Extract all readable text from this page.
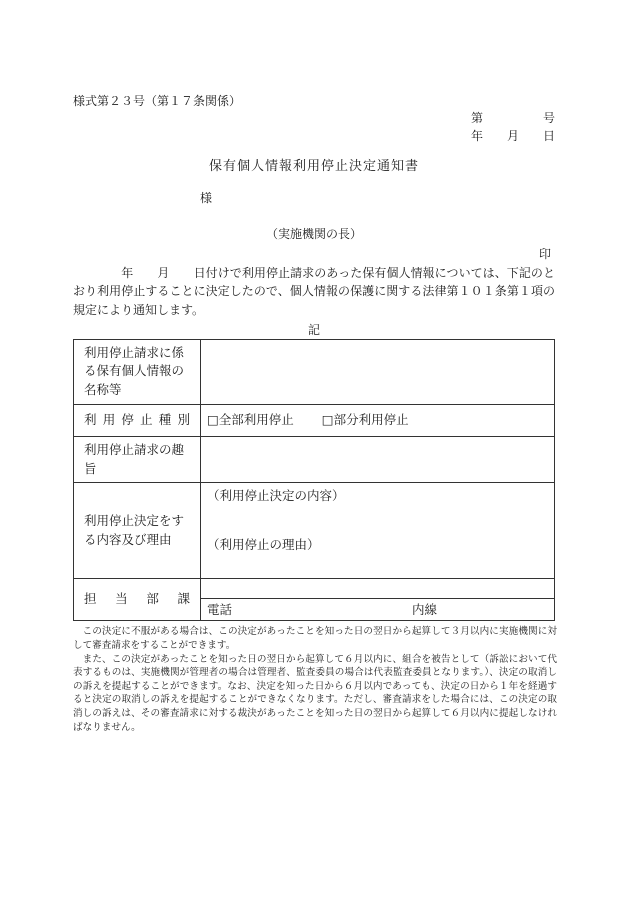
様式第２３号（第１７条関係）
第　　　　　号
年　　月　　日
保有個人情報利用停止決定通知書
様
（実施機関の長）
印
　　　　年　　月　　日付けで利用停止請求のあった保有個人情報については、下記のとおり利用停止することに決定したので、個人情報の保護に関する法律第１０１条第１項の規定により通知します。
記
利用停止請求に係る保有個人情報の名称等	
利用停止種別	□全部利用停止 □部分利用停止
利用停止請求の趣旨	
利用停止決定をする内容及び理由	（利用停止決定の内容）
（利用停止の理由）

担当部課	電話 内線
　この決定に不服がある場合は、この決定があったことを知った日の翌日から起算して３月以内に実施機関に対して審査請求をすることができます。
　また、この決定があったことを知った日の翌日から起算して６月以内に、組合を被告として（訴訟において代表するものは、実施機関が管理者の場合は管理者、監査委員の場合は代表監査委員となります。）、決定の取消しの訴えを提起することができます。なお、決定を知った日から６月以内であっても、決定の日から１年を経過すると決定の取消しの訴えを提起することができなくなります。ただし、審査請求をした場合には、この決定の取消しの訴えは、その審査請求に対する裁決があったことを知った日の翌日から起算して６月以内に提起しなければなりません。
